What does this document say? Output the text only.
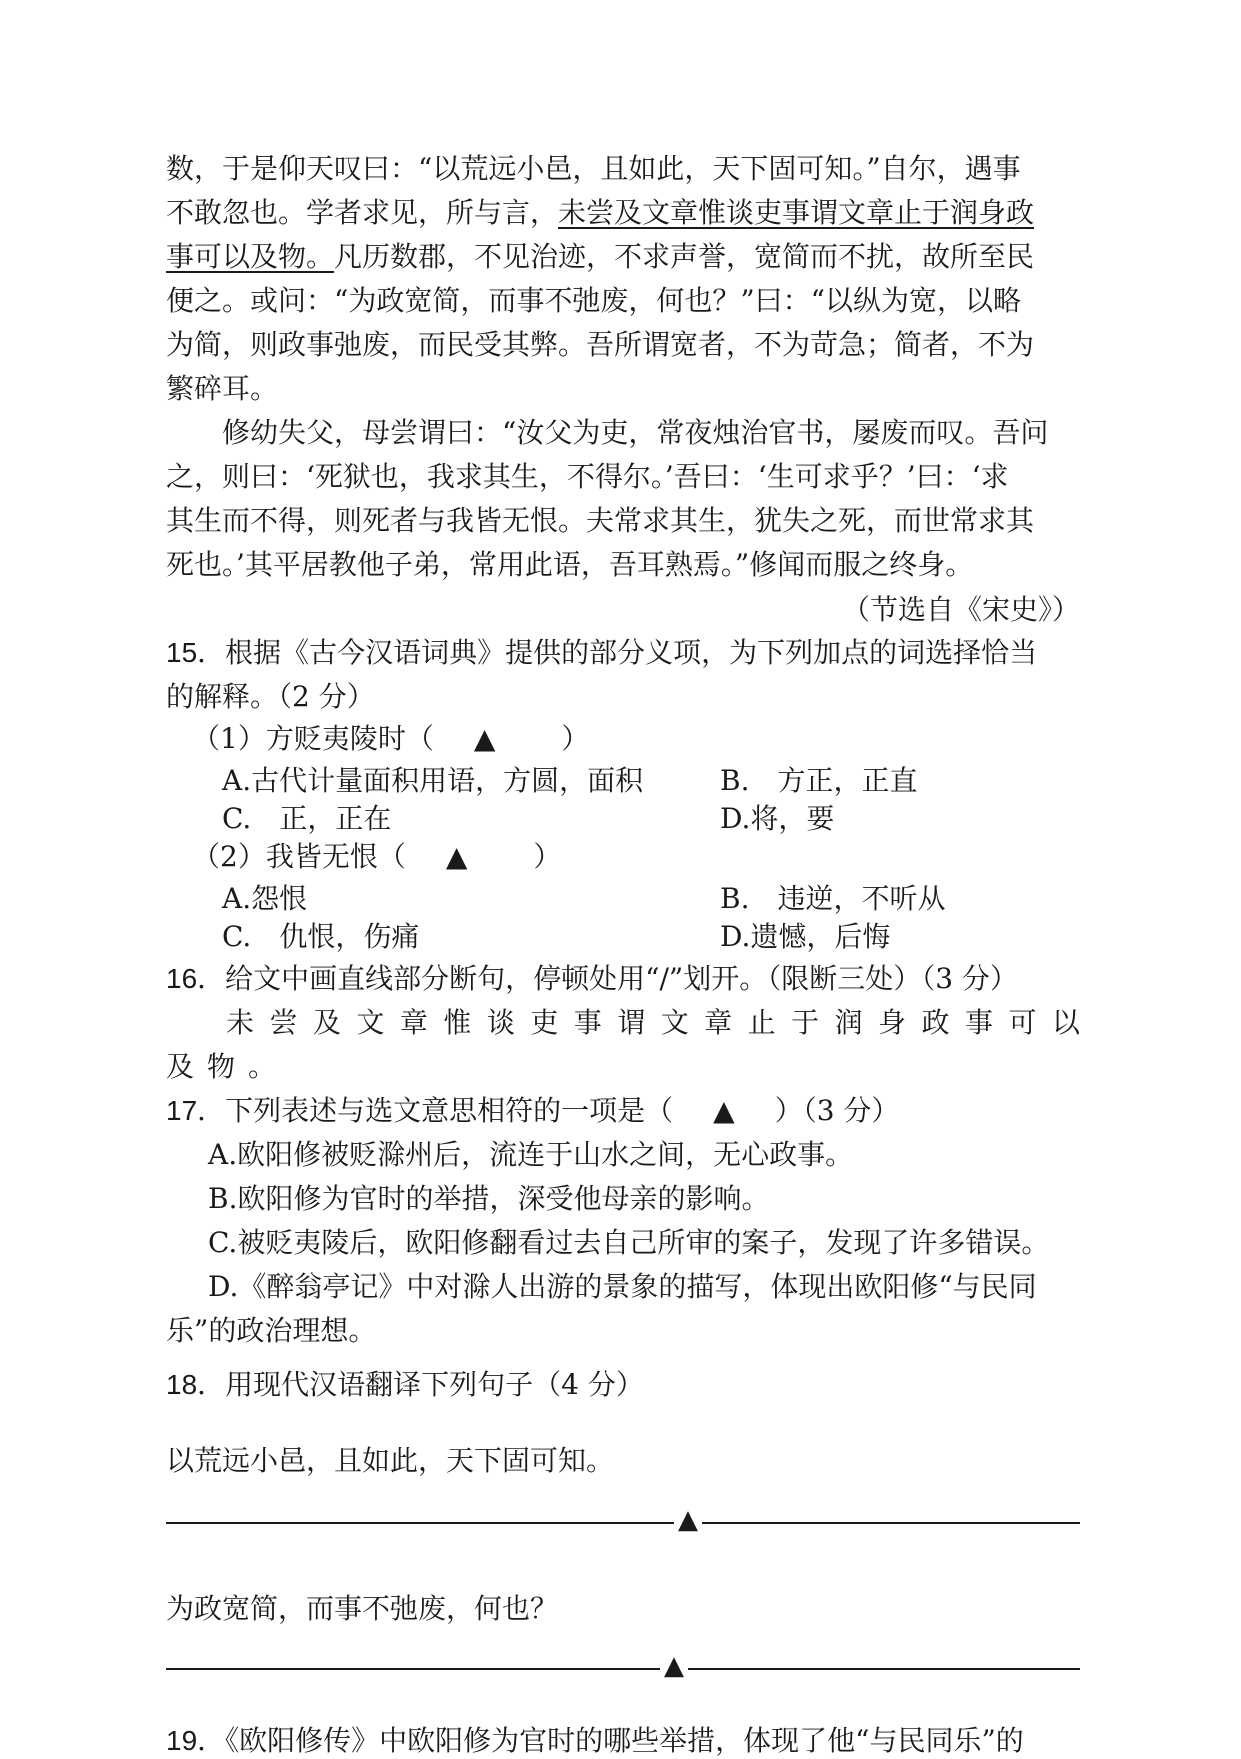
数，于是仰天叹曰：“以荒远小邑，且如此，天下固可知。”自尔，遇事
不敢忽也。学者求见，所与言，未尝及文章惟谈吏事谓文章止于润身政
事可以及物。凡历数郡，不见治迹，不求声誉，宽简而不扰，故所至民
便之。或问：“为政宽简，而事不弛废，何也？”曰：“以纵为宽，以略
为简，则政事弛废，而民受其弊。吾所谓宽者，不为苛急；简者，不为
繁碎耳。
修幼失父，母尝谓曰：“汝父为吏，常夜烛治官书，屡废而叹。吾问
之，则曰：‘死狱也，我求其生，不得尔。’吾曰：‘生可求乎？’曰：‘求
其生而不得，则死者与我皆无恨。夫常求其生，犹失之死，而世常求其
死也。’其平居教他子弟，常用此语，吾耳熟焉。”修闻而服之终身。
（节选自《宋史》）
15．根据《古今汉语词典》提供的部分义项，为下列加点的词选择恰当
的解释。（2 分）
（1）方贬夷陵时（ ▲ ）
A.古代计量面积用语，方圆，面积	B.　方正，正直
C.　正，正在	D.将，要
（2）我皆无恨（ ▲ ）
A.怨恨	B.　违逆，不听从
C.　仇恨，伤痛	D.遗憾，后悔
16．给文中画直线部分断句，停顿处用“/”划开。（限断三处）（3 分）
未 尝 及 文 章 惟 谈 吏 事 谓 文 章 止 于 润 身 政 事 可 以
及 物 。
17．下列表述与选文意思相符的一项是（ ▲ ）（3 分）
A.欧阳修被贬滁州后，流连于山水之间，无心政事。
B.欧阳修为官时的举措，深受他母亲的影响。
C.被贬夷陵后，欧阳修翻看过去自己所审的案子，发现了许多错误。
D.《醉翁亭记》中对滁人出游的景象的描写，体现出欧阳修“与民同
乐”的政治理想。
18．用现代汉语翻译下列句子（4 分）
以荒远小邑，且如此，天下固可知。
▲
为政宽简，而事不弛废，何也？
▲
19．《欧阳修传》中欧阳修为官时的哪些举措，体现了他“与民同乐”的
